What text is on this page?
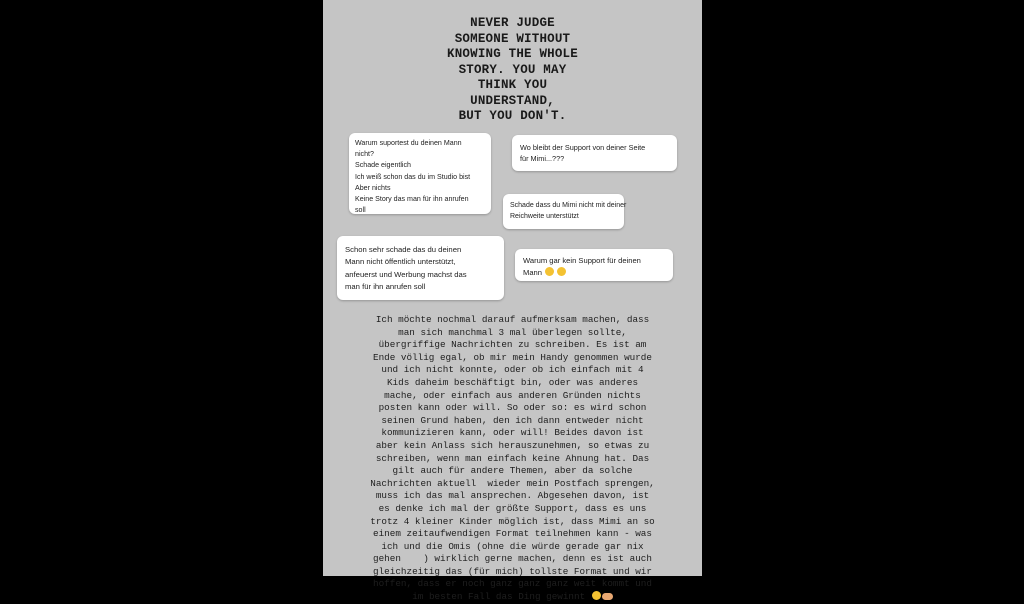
NEVER JUDGE
SOMEONE WITHOUT
KNOWING THE WHOLE
STORY. YOU MAY
THINK YOU
UNDERSTAND,
BUT YOU DON'T.
Warum suportest du deinen Mann
nicht?
Schade eigentlich
Ich weiß schon das du im Studio bist
Aber nichts
Keine Story das man für ihn anrufen
soll
Wo bleibt der Support von deiner Seite
für Mimi...???
Schade dass du Mimi nicht mit deiner
Reichweite unterstützt
Schon sehr schade das du deinen
Mann nicht öffentlich unterstützt,
anfeuerst und Werbung machst das
man für ihn anrufen soll
Warum gar kein Support für deinen
Mann
Ich möchte nochmal darauf aufmerksam machen, dass
man sich manchmal 3 mal überlegen sollte,
übergriffige Nachrichten zu schreiben. Es ist am
Ende völlig egal, ob mir mein Handy genommen wurde
und ich nicht konnte, oder ob ich einfach mit 4
Kids daheim beschäftigt bin, oder was anderes
mache, oder einfach aus anderen Gründen nichts
posten kann oder will. So oder so: es wird schon
seinen Grund haben, den ich dann entweder nicht
kommunizieren kann, oder will! Beides davon ist
aber kein Anlass sich herauszunehmen, so etwas zu
schreiben, wenn man einfach keine Ahnung hat. Das
gilt auch für andere Themen, aber da solche
Nachrichten aktuell  wieder mein Postfach sprengen,
muss ich das mal ansprechen. Abgesehen davon, ist
es denke ich mal der größte Support, dass es uns
trotz 4 kleiner Kinder möglich ist, dass Mimi an so
einem zeitaufwendigen Format teilnehmen kann - was
ich und die Omis (ohne die würde gerade gar nix
gehen    ) wirklich gerne machen, denn es ist auch
gleichzeitig das (für mich) tollste Format und wir
hoffen, dass er noch ganz ganz ganz weit kommt und
im besten Fall das Ding gewinnt
